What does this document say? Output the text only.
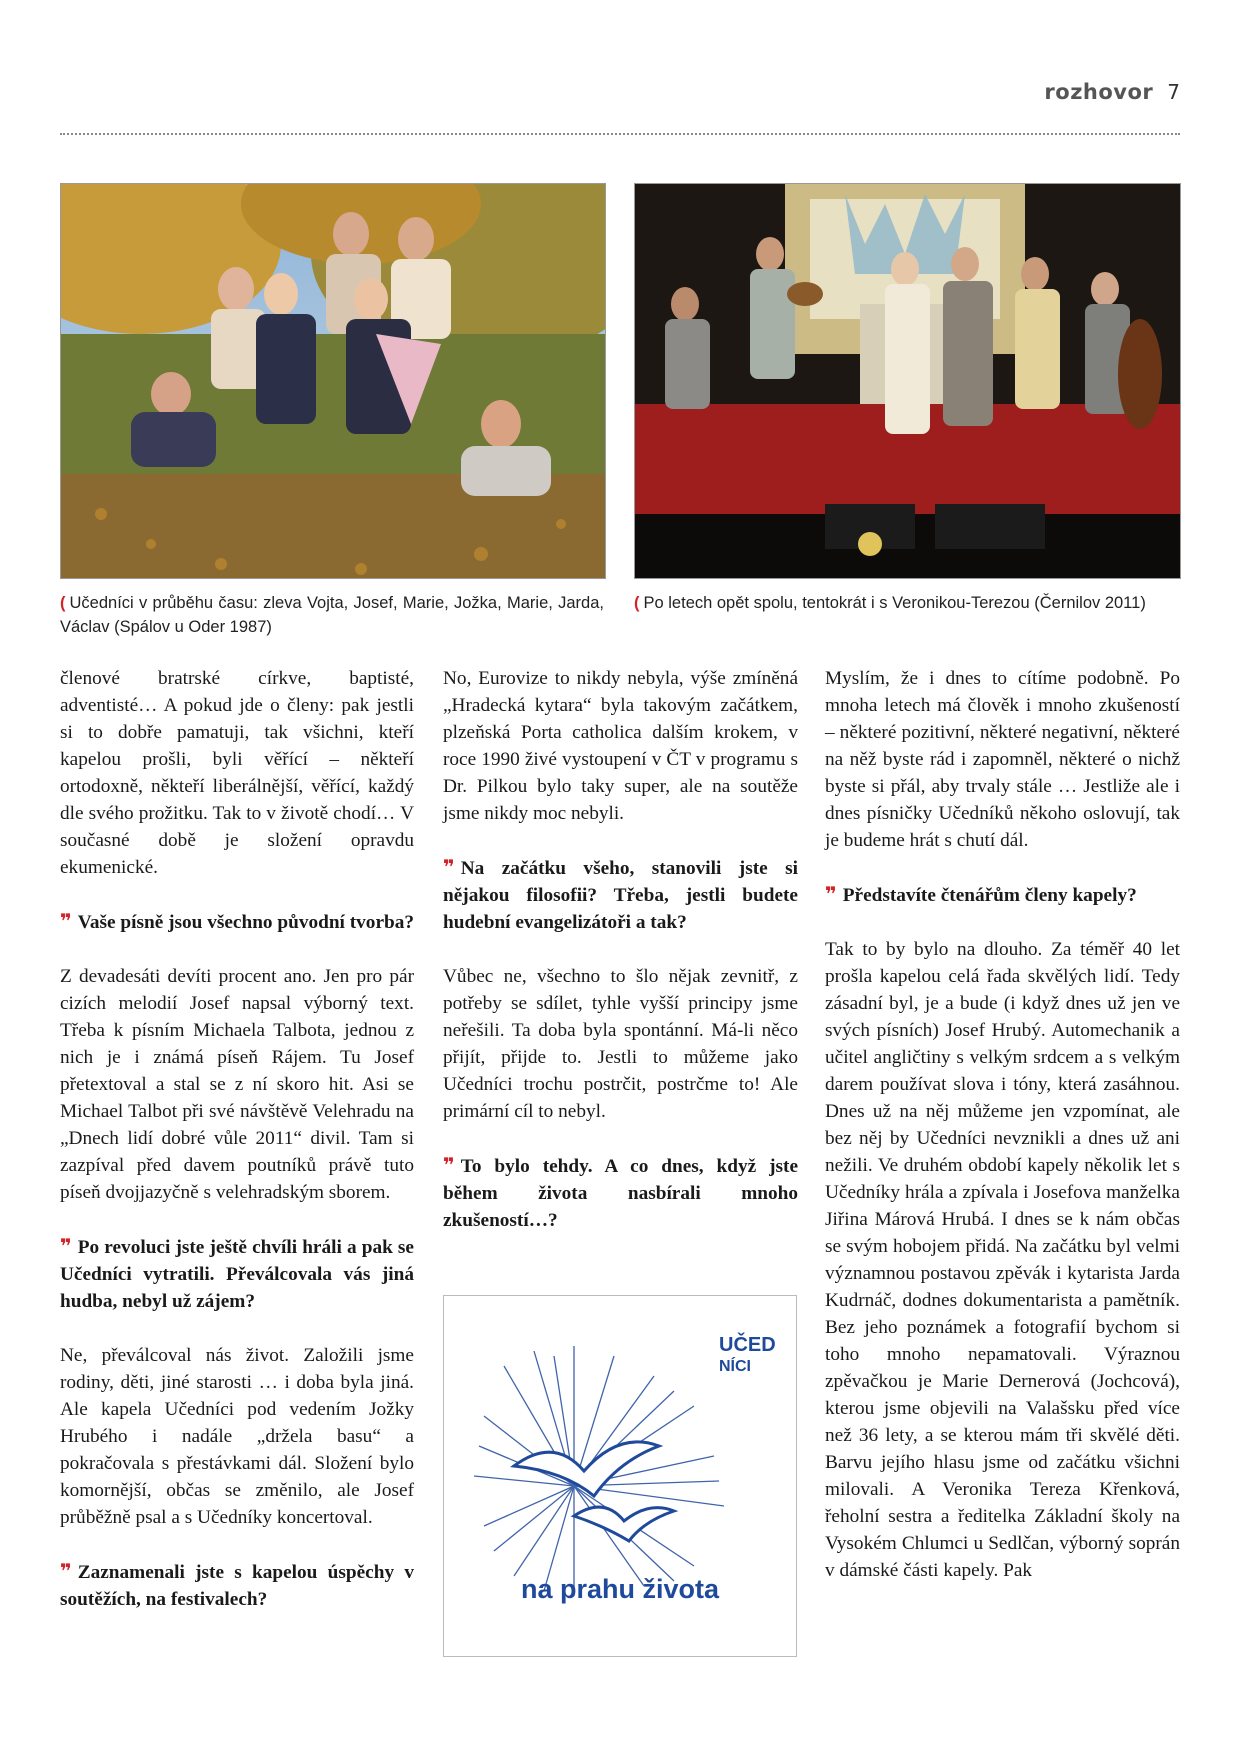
rozhovor 7
( Učedníci v průběhu času: zleva Vojta, Josef, Marie, Jožka, Marie, Jarda, Václav (Spálov u Oder 1987)
( Po letech opět spolu, tentokrát i s Veronikou-Terezou (Černilov 2011)

členové bratrské církve, baptisté, adventisté… A pokud jde o členy: pak jestli si to dobře pamatuji, tak všichni, kteří kapelou prošli, byli věřící – někteří ortodoxně, někteří liberálnější, věřící, každý dle svého prožitku. Tak to v životě chodí… V současné době je složení opravdu ekumenické.

❞ Vaše písně jsou všechno původní tvorba?

Z devadesáti devíti procent ano. Jen pro pár cizích melodií Josef napsal výborný text. Třeba k písním Michaela Talbota, jednou z nich je i známá píseň Rájem. Tu Josef přetextoval a stal se z ní skoro hit. Asi se Michael Talbot při své návštěvě Velehradu na „Dnech lidí dobré vůle 2011“ divil. Tam si zazpíval před davem poutníků právě tuto píseň dvojjazyčně s velehradským sborem.

❞ Po revoluci jste ještě chvíli hráli a pak se Učedníci vytratili. Převálcovala vás jiná hudba, nebyl už zájem?

Ne, převálcoval nás život. Založili jsme rodiny, děti, jiné starosti … i doba byla jiná. Ale kapela Učedníci pod vedením Jožky Hrubého i nadále „držela basu“ a pokračovala s přestávkami dál. Složení bylo komornější, občas se změnilo, ale Josef průběžně psal a s Učedníky koncertoval.

❞ Zaznamenali jste s kapelou úspěchy v soutěžích, na festivalech?

No, Eurovize to nikdy nebyla, výše zmíněná „Hradecká kytara“ byla takovým začátkem, plzeňská Porta catholica dalším krokem, v roce 1990 živé vystoupení v ČT v programu s Dr. Pilkou bylo taky super, ale na soutěže jsme nikdy moc nebyli.

❞ Na začátku všeho, stanovili jste si nějakou filosofii? Třeba, jestli budete hudební evangelizátoři a tak?

Vůbec ne, všechno to šlo nějak zevnitř, z potřeby se sdílet, tyhle vyšší principy jsme neřešili. Ta doba byla spontánní. Má-li něco přijít, přijde to. Jestli to můžeme jako Učedníci trochu postrčit, postrčme to! Ale primární cíl to nebyl.

❞ To bylo tehdy. A co dnes, když jste během života nasbírali mnoho zkušeností…?
UČED
NÍCI
na prahu života

Myslím, že i dnes to cítíme podobně. Po mnoha letech má člověk i mnoho zkušeností – některé pozitivní, některé negativní, některé na něž byste rád i zapomněl, některé o nichž byste si přál, aby trvaly stále … Jestliže ale i dnes písničky Učedníků někoho oslovují, tak je budeme hrát s chutí dál.

❞ Představíte čtenářům členy kapely?

Tak to by bylo na dlouho. Za téměř 40 let prošla kapelou celá řada skvělých lidí. Tedy zásadní byl, je a bude (i když dnes už jen ve svých písních) Josef Hrubý. Automechanik a učitel angličtiny s velkým srdcem a s velkým darem používat slova i tóny, která zasáhnou. Dnes už na něj můžeme jen vzpomínat, ale bez něj by Učedníci nevznikli a dnes už ani nežili. Ve druhém období kapely několik let s Učedníky hrála a zpívala i Josefova manželka Jiřina Márová Hrubá. I dnes se k nám občas se svým hobojem přidá. Na začátku byl velmi významnou postavou zpěvák i kytarista Jarda Kudrnáč, dodnes dokumentarista a pamětník. Bez jeho poznámek a fotografií bychom si toho mnoho nepamatovali. Výraznou zpěvačkou je Marie Dernerová (Jochcová), kterou jsme objevili na Valašsku před více než 36 lety, a se kterou mám tři skvělé děti. Barvu jejího hlasu jsme od začátku všichni milovali. A Veronika Tereza Křenková, řeholní sestra a ředitelka Základní školy na Vysokém Chlumci u Sedlčan, výborný soprán v dámské části kapely. Pak
